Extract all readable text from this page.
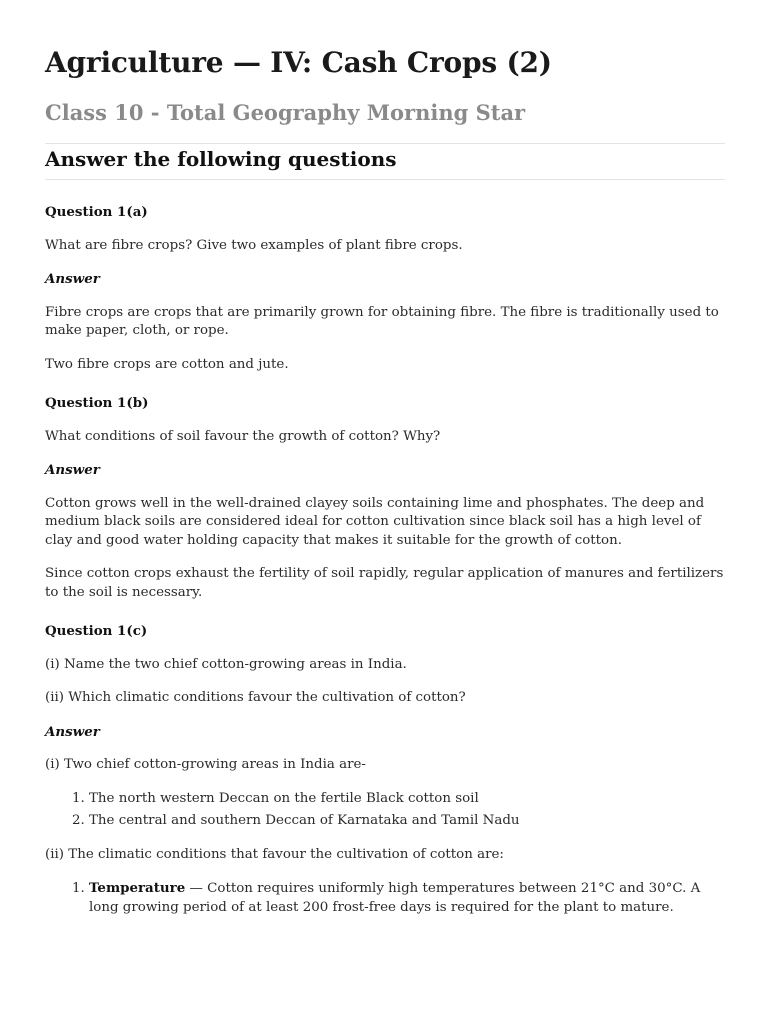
Agriculture — IV: Cash Crops (2)
Class 10 - Total Geography Morning Star
Answer the following questions
Question 1(a)

What are fibre crops? Give two examples of plant fibre crops.

Answer

Fibre crops are crops that are primarily grown for obtaining fibre. The fibre is traditionally used to make paper, cloth, or rope.

Two fibre crops are cotton and jute.

Question 1(b)

What conditions of soil favour the growth of cotton? Why?

Answer

Cotton grows well in the well-drained clayey soils containing lime and phosphates. The deep and medium black soils are considered ideal for cotton cultivation since black soil has a high level of clay and good water holding capacity that makes it suitable for the growth of cotton.

Since cotton crops exhaust the fertility of soil rapidly, regular application of manures and fertilizers to the soil is necessary.

Question 1(c)

(i) Name the two chief cotton-growing areas in India.

(ii) Which climatic conditions favour the cultivation of cotton?

Answer

(i) Two chief cotton-growing areas in India are-

1. The north western Deccan on the fertile Black cotton soil
2. The central and southern Deccan of Karnataka and Tamil Nadu

(ii) The climatic conditions that favour the cultivation of cotton are:

1. Temperature — Cotton requires uniformly high temperatures between 21°C and 30°C. A long growing period of at least 200 frost-free days is required for the plant to mature.
